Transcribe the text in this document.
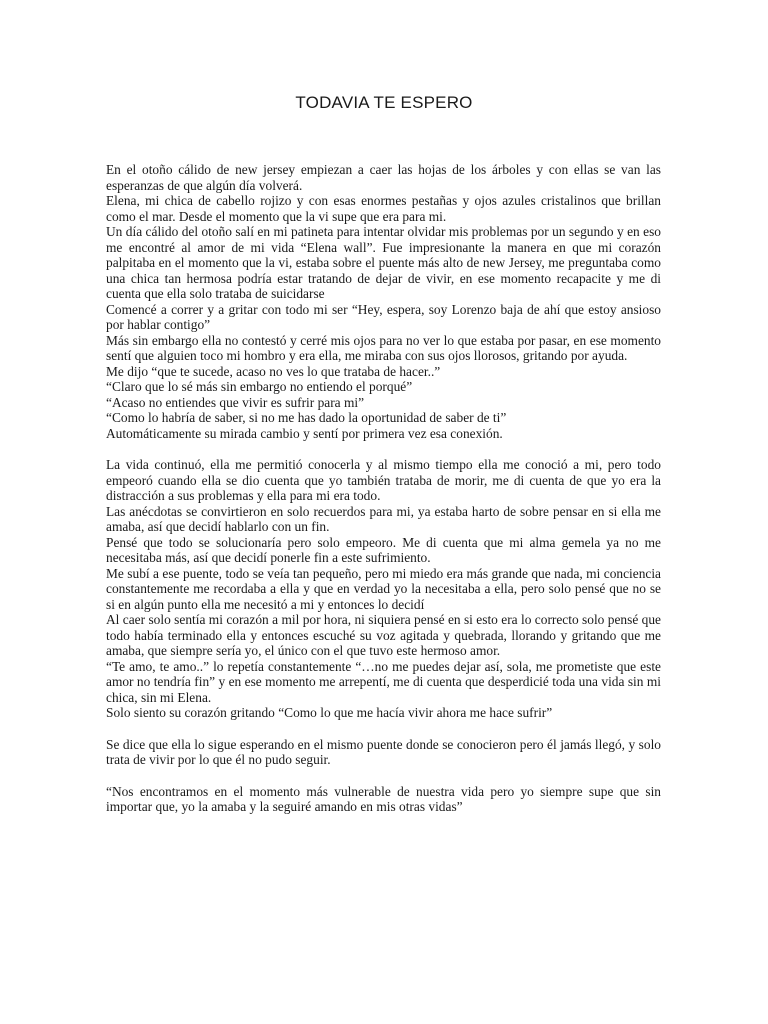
TODAVIA TE ESPERO

En el otoño cálido de new jersey empiezan a caer las hojas de los árboles y con ellas se van las esperanzas de que algún día volverá.

Elena, mi chica de cabello rojizo y con esas enormes pestañas y ojos azules cristalinos que brillan como el mar. Desde el momento que la vi supe que era para mi.

Un día cálido del otoño salí en mi patineta para intentar olvidar mis problemas por un segundo y en eso me encontré al amor de mi vida “Elena wall”. Fue impresionante la manera en que mi corazón palpitaba en el momento que la vi, estaba sobre el puente más alto de new Jersey, me preguntaba como una chica tan hermosa podría estar tratando de dejar de vivir, en ese momento recapacite y me di cuenta que ella solo trataba de suicidarse

Comencé a correr y a gritar con todo mi ser “Hey, espera, soy Lorenzo baja de ahí que estoy ansioso por hablar contigo”

Más sin embargo ella no contestó y cerré mis ojos para no ver lo que estaba por pasar, en ese momento sentí que alguien toco mi hombro y era ella, me miraba con sus ojos llorosos, gritando por ayuda.

Me dijo “que te sucede, acaso no ves lo que trataba de hacer..”

“Claro que lo sé más sin embargo no entiendo el porqué”

“Acaso no entiendes que vivir es sufrir para mi”

“Como lo habría de saber, si no me has dado la oportunidad de saber de ti”

Automáticamente su mirada cambio y sentí por primera vez esa conexión.

La vida continuó, ella me permitió conocerla y al mismo tiempo ella me conoció a mi, pero todo empeoró cuando ella se dio cuenta que yo también trataba de morir, me di cuenta de que yo era la distracción a sus problemas y ella para mi era todo.

Las anécdotas se convirtieron en solo recuerdos para mi, ya estaba harto de sobre pensar en si ella me amaba, así que decidí hablarlo con un fin.

Pensé que todo se solucionaría pero solo empeoro. Me di cuenta que mi alma gemela ya no me necesitaba más, así que decidí ponerle fin a este sufrimiento.

Me subí a ese puente, todo se veía tan pequeño, pero mi miedo era más grande que nada, mi conciencia constantemente me recordaba a ella y que en verdad yo la necesitaba a ella, pero solo pensé que no se si en algún punto ella me necesitó a mi y entonces lo decidí

Al caer solo sentía mi corazón a mil por hora, ni siquiera pensé en si esto era lo correcto solo pensé que todo había terminado ella y entonces escuché su voz agitada y quebrada, llorando y gritando que me amaba, que siempre sería yo, el único con el que tuvo este hermoso amor.

“Te amo, te amo..” lo repetía constantemente “…no me puedes dejar así, sola, me prometiste que este amor no tendría fin” y en ese momento me arrepentí, me di cuenta que desperdicié toda una vida sin mi chica, sin mi Elena.

Solo siento su corazón gritando “Como lo que me hacía vivir ahora me hace sufrir”

Se dice que ella lo sigue esperando en el mismo puente donde se conocieron pero él jamás llegó, y solo trata de vivir por lo que él no pudo seguir.

“Nos encontramos en el momento más vulnerable de nuestra vida pero yo siempre supe que sin importar que, yo la amaba y la seguiré amando en mis otras vidas”
